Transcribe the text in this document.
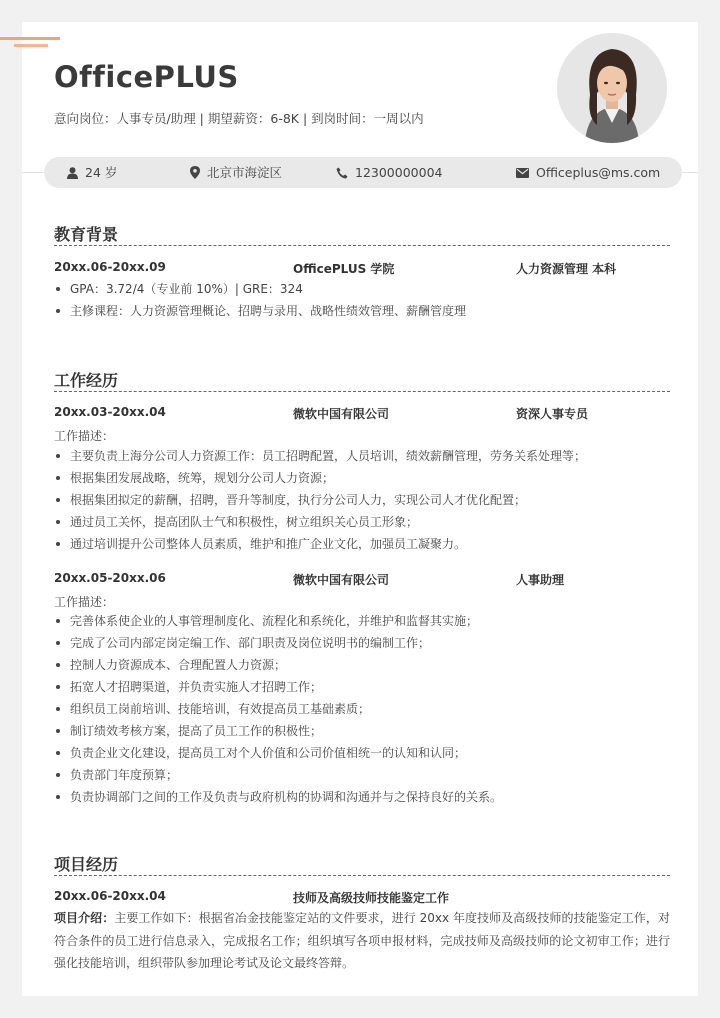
OfficePLUS
意向岗位：人事专员/助理 | 期望薪资：6-8K | 到岗时间：一周以内
24 岁	北京市海淀区	12300000004	Officeplus@ms.com
教育背景
20xx.06-20xx.09	OfficePLUS 学院	人力资源管理 本科
GPA：3.72/4（专业前 10%）| GRE：324
主修课程：人力资源管理概论、招聘与录用、战略性绩效管理、薪酬管度理
工作经历
20xx.03-20xx.04	微软中国有限公司	资深人事专员
工作描述：
主要负责上海分公司人力资源工作：员工招聘配置，人员培训，绩效薪酬管理，劳务关系处理等；
根据集团发展战略，统筹，规划分公司人力资源；
根据集团拟定的薪酬，招聘，晋升等制度，执行分公司人力，实现公司人才优化配置；
通过员工关怀，提高团队士气和积极性，树立组织关心员工形象；
通过培训提升公司整体人员素质，维护和推广企业文化，加强员工凝聚力。
20xx.05-20xx.06	微软中国有限公司	人事助理
工作描述：
完善体系使企业的人事管理制度化、流程化和系统化，并维护和监督其实施；
完成了公司内部定岗定编工作、部门职责及岗位说明书的编制工作；
控制人力资源成本、合理配置人力资源；
拓宽人才招聘渠道，并负责实施人才招聘工作；
组织员工岗前培训、技能培训，有效提高员工基础素质；
制订绩效考核方案，提高了员工工作的积极性；
负责企业文化建设，提高员工对个人价值和公司价值相统一的认知和认同；
负责部门年度预算；
负责协调部门之间的工作及负责与政府机构的协调和沟通并与之保持良好的关系。
项目经历
20xx.06-20xx.04	技师及高级技师技能鉴定工作
项目介绍：主要工作如下：根据省冶金技能鉴定站的文件要求，进行 20xx 年度技师及高级技师的技能鉴定工作，对符合条件的员工进行信息录入，完成报名工作；组织填写各项申报材料，完成技师及高级技师的论文初审工作；进行强化技能培训，组织带队参加理论考试及论文最终答辩。
